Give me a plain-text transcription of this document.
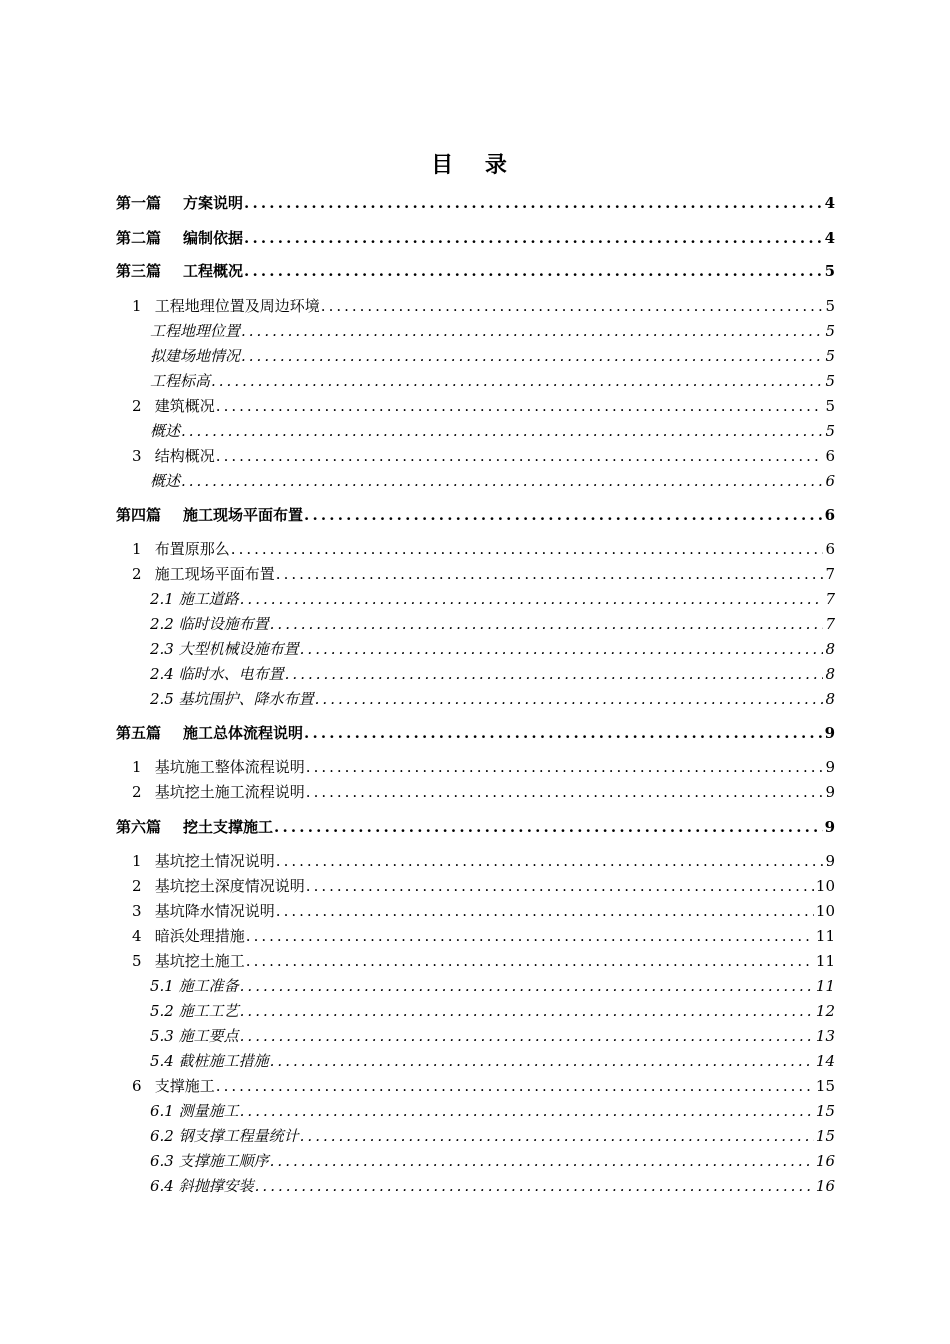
目 录
第一篇 方案说明 .....	4
第二篇 编制依据 .....	4
第三篇 工程概况 .....	5
1 工程地理位置及周边环境 .....	5
工程地理位置 .....	5
拟建场地情况 .....	5
工程标高 .....	5
2 建筑概况 .....	5
概述 .....	5
3 结构概况 .....	6
概述 .....	6
第四篇 施工现场平面布置 .....	6
1 布置原那么 .....	6
2 施工现场平面布置 .....	7
2.1 施工道路 .....	7
2.2 临时设施布置 .....	7
2.3 大型机械设施布置 .....	8
2.4 临时水、电布置 .....	8
2.5 基坑围护、降水布置 .....	8
第五篇 施工总体流程说明 .....	9
1 基坑施工整体流程说明 .....	9
2 基坑挖土施工流程说明 .....	9
第六篇 挖土支撑施工 .....	9
1 基坑挖土情况说明 .....	9
2 基坑挖土深度情况说明 .....	10
3 基坑降水情况说明 .....	10
4 暗浜处理措施 .....	11
5 基坑挖土施工 .....	11
5.1 施工准备 .....	11
5.2 施工工艺 .....	12
5.3 施工要点 .....	13
5.4 截桩施工措施 .....	14
6 支撑施工 .....	15
6.1 测量施工 .....	15
6.2 钢支撑工程量统计 .....	15
6.3 支撑施工顺序 .....	16
6.4 斜抛撑安装 .....	16
